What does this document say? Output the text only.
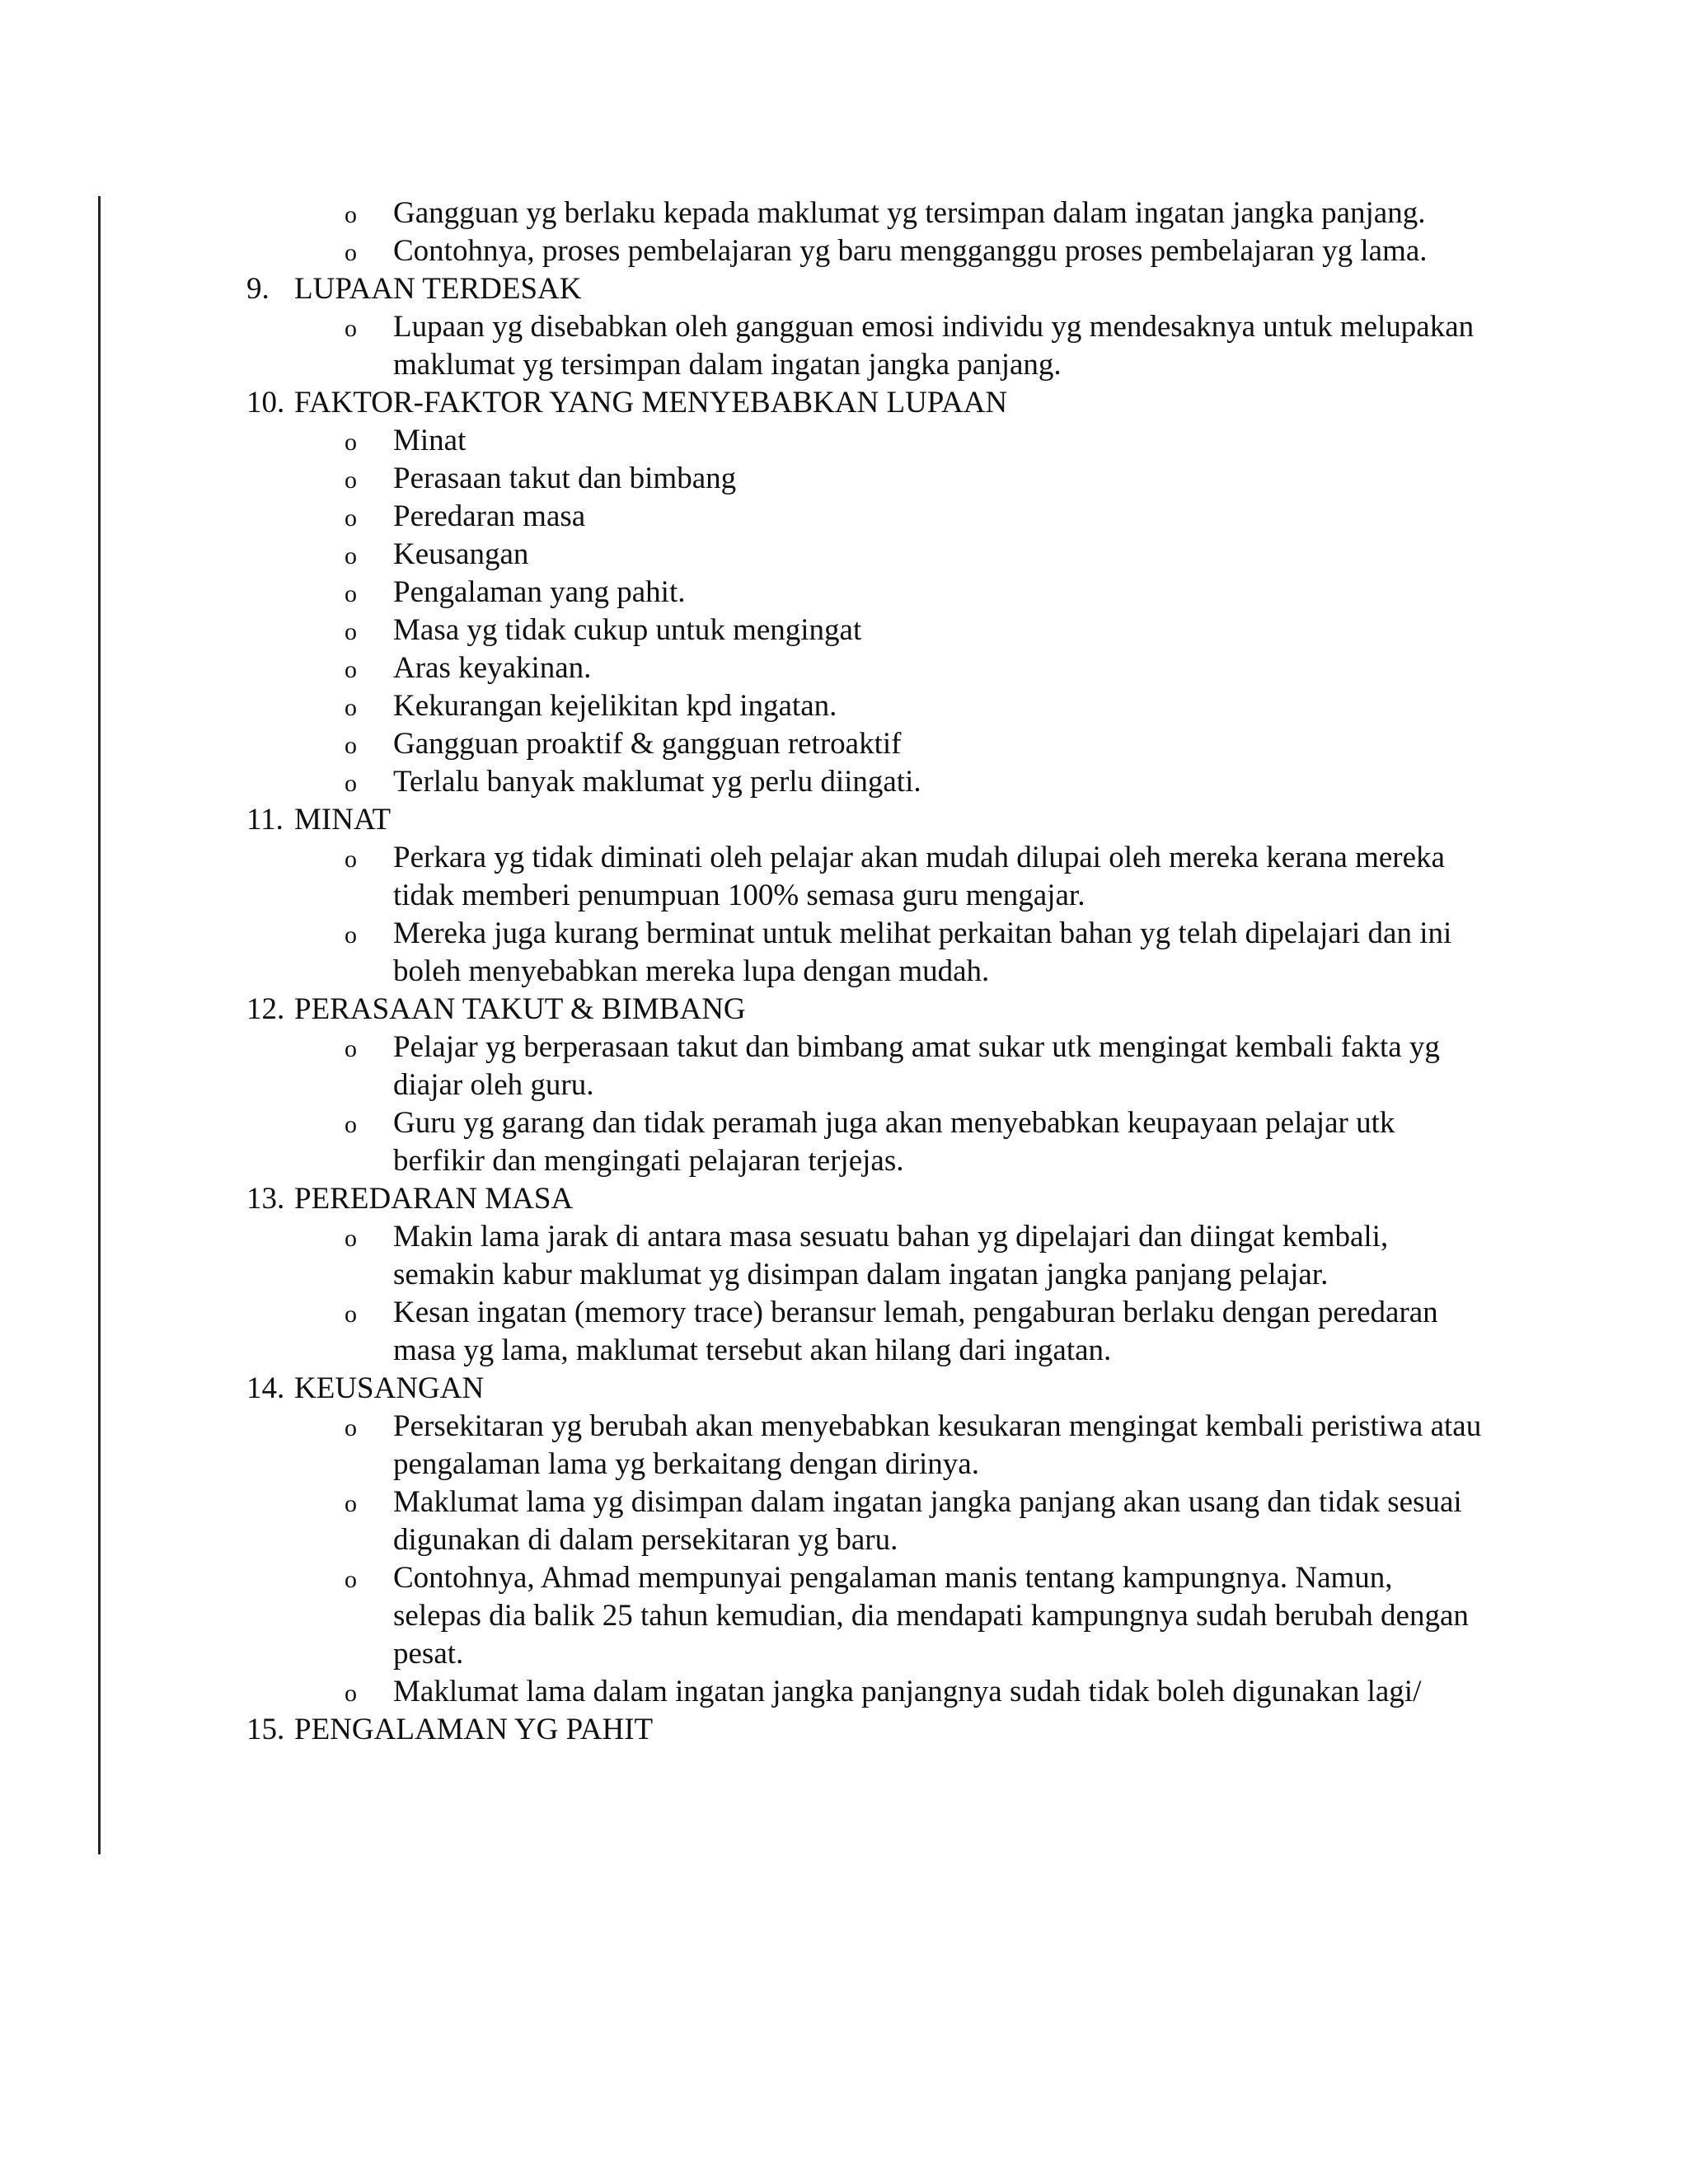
o Gangguan yg berlaku kepada maklumat yg tersimpan dalam ingatan jangka panjang.
o Contohnya, proses pembelajaran yg baru mengganggu proses pembelajaran yg lama.
9. LUPAAN TERDESAK
o Lupaan yg disebabkan oleh gangguan emosi individu yg mendesaknya untuk melupakan maklumat yg tersimpan dalam ingatan jangka panjang.
10. FAKTOR-FAKTOR YANG MENYEBABKAN LUPAAN
o Minat
o Perasaan takut dan bimbang
o Peredaran masa
o Keusangan
o Pengalaman yang pahit.
o Masa yg tidak cukup untuk mengingat
o Aras keyakinan.
o Kekurangan kejelikitan kpd ingatan.
o Gangguan proaktif & gangguan retroaktif
o Terlalu banyak maklumat yg perlu diingati.
11. MINAT
o Perkara yg tidak diminati oleh pelajar akan mudah dilupai oleh mereka kerana mereka tidak memberi penumpuan 100% semasa guru mengajar.
o Mereka juga kurang berminat untuk melihat perkaitan bahan yg telah dipelajari dan ini boleh menyebabkan mereka lupa dengan mudah.
12. PERASAAN TAKUT & BIMBANG
o Pelajar yg berperasaan takut dan bimbang amat sukar utk mengingat kembali fakta yg diajar oleh guru.
o Guru yg garang dan tidak peramah juga akan menyebabkan keupayaan pelajar utk berfikir dan mengingati pelajaran terjejas.
13. PEREDARAN MASA
o Makin lama jarak di antara masa sesuatu bahan yg dipelajari dan diingat kembali, semakin kabur maklumat yg disimpan dalam ingatan jangka panjang pelajar.
o Kesan ingatan (memory trace) beransur lemah, pengaburan berlaku dengan peredaran masa yg lama, maklumat tersebut akan hilang dari ingatan.
14. KEUSANGAN
o Persekitaran yg berubah akan menyebabkan kesukaran mengingat kembali peristiwa atau pengalaman lama yg berkaitang dengan dirinya.
o Maklumat lama yg disimpan dalam ingatan jangka panjang akan usang dan tidak sesuai digunakan di dalam persekitaran yg baru.
o Contohnya, Ahmad mempunyai pengalaman manis tentang kampungnya. Namun, selepas dia balik 25 tahun kemudian, dia mendapati kampungnya sudah berubah dengan pesat.
o Maklumat lama dalam ingatan jangka panjangnya sudah tidak boleh digunakan lagi/
15. PENGALAMAN YG PAHIT
